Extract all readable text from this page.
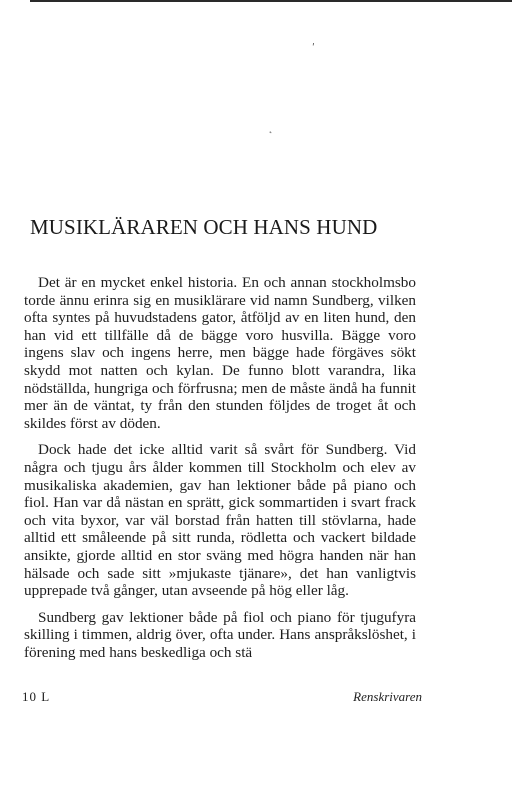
ʹ
˛
MUSIKLÄRAREN OCH HANS HUND

Det är en mycket enkel historia. En och annan stockholmsbo torde ännu erinra sig en musiklärare vid namn Sundberg, vilken ofta syntes på huvudstadens gator, åtföljd av en liten hund, den han vid ett tillfälle då de bägge voro husvilla. Bägge voro ingens slav och ingens herre, men bägge hade förgäves sökt skydd mot natten och kylan. De funno blott varandra, lika nödställda, hungriga och förfrusna; men de måste ändå ha funnit mer än de väntat, ty från den stunden följdes de troget åt och skildes först av döden.

Dock hade det icke alltid varit så svårt för Sundberg. Vid några och tjugu års ålder kommen till Stockholm och elev av musikaliska akademien, gav han lektioner både på piano och fiol. Han var då nästan en sprätt, gick sommartiden i svart frack och vita byxor, var väl borstad från hatten till stövlarna, hade alltid ett småleende på sitt runda, rödletta och vackert bildade ansikte, gjorde alltid en stor sväng med högra handen när han hälsade och sade sitt »mjukaste tjänare», det han vanligtvis upprepade två gånger, utan avseende på hög eller låg.

Sundberg gav lektioner både på fiol och piano för tjugufyra skilling i timmen, aldrig över, ofta under. Hans anspråkslöshet, i förening med hans beskedliga och stä

10 L	Renskrivaren
